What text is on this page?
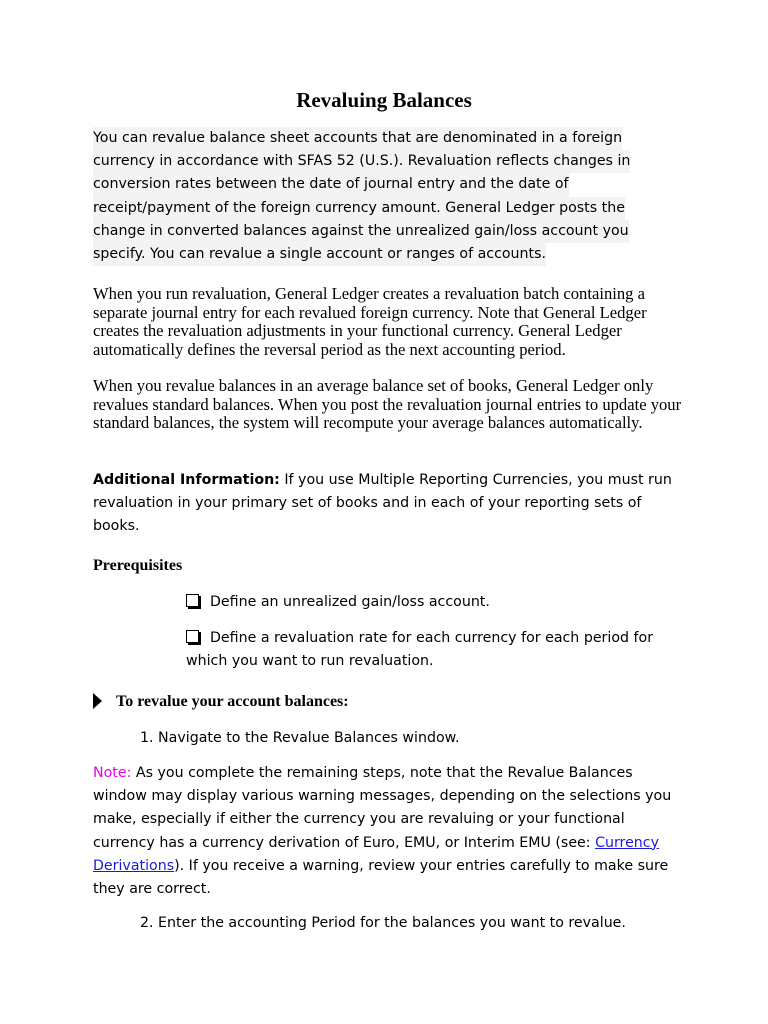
Revaluing Balances
You can revalue balance sheet accounts that are denominated in a foreign
currency in accordance with SFAS 52 (U.S.). Revaluation reflects changes in
conversion rates between the date of journal entry and the date of
receipt/payment of the foreign currency amount. General Ledger posts the
change in converted balances against the unrealized gain/loss account you
specify. You can revalue a single account or ranges of accounts.
When you run revaluation, General Ledger creates a revaluation batch containing a separate journal entry for each revalued foreign currency. Note that General Ledger creates the revaluation adjustments in your functional currency. General Ledger automatically defines the reversal period as the next accounting period.
When you revalue balances in an average balance set of books, General Ledger only revalues standard balances. When you post the revaluation journal entries to update your standard balances, the system will recompute your average balances automatically.
Additional Information: If you use Multiple Reporting Currencies, you must run revaluation in your primary set of books and in each of your reporting sets of books.
Prerequisites
Define an unrealized gain/loss account.
Define a revaluation rate for each currency for each period for which you want to run revaluation.
To revalue your account balances:
1. Navigate to the Revalue Balances window.
Note: As you complete the remaining steps, note that the Revalue Balances window may display various warning messages, depending on the selections you make, especially if either the currency you are revaluing or your functional currency has a currency derivation of Euro, EMU, or Interim EMU (see: Currency Derivations). If you receive a warning, review your entries carefully to make sure they are correct.
2. Enter the accounting Period for the balances you want to revalue.
